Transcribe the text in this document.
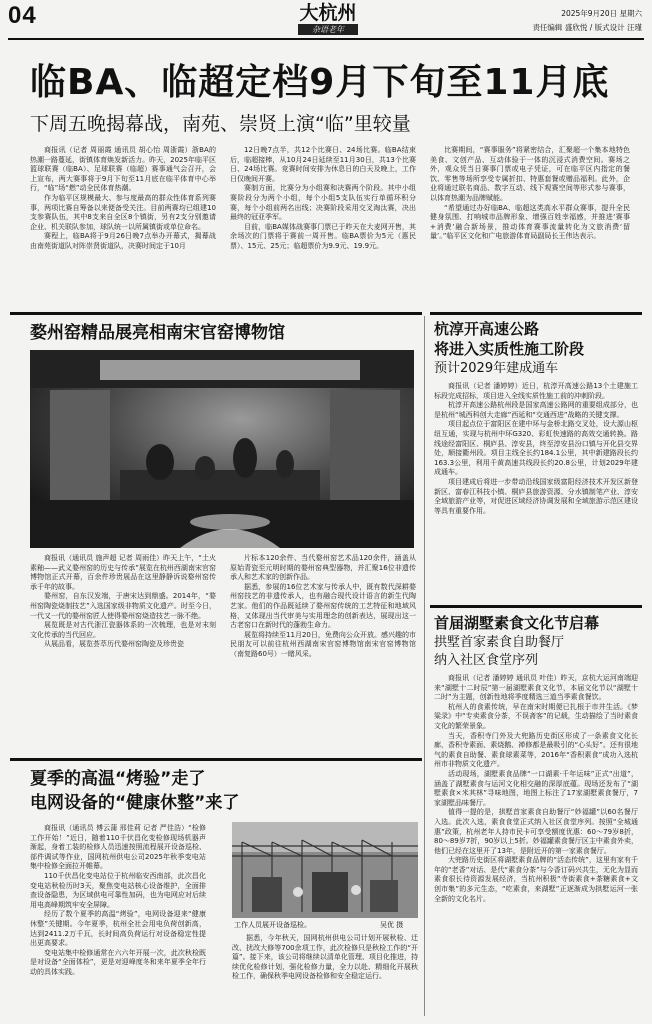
04	大杭州
杂语老年
2025年9月20日 星期六
责任编辑 盛欣悦 / 版式设计 汪瑾
临BA、临超定档9月下旬至11月底
下周五晚揭幕战，南苑、崇贤上演“临”里较量

商报讯（记者 周丽霞 通讯员 胡心怡 周浙霞）浙BA的热潮一路蔓延，街镇体育焕发新活力。昨天，2025年临平区篮球联赛（临BA）、足球联赛（临超）赛事通气会召开，会上宣布，两大赛事将于9月下旬至11月底在临平体育中心举行，“临”场“燃”动全民体育热潮。

作为临平区规模最大、参与度最高的群众性体育系列赛事，两项比赛自筹备以来便备受关注。目前两赛均已组建10支参赛队伍，其中8支来自全区8个镇街，另有2支分别邀请企业、机关联队参加，球队统一以所属镇街或单位命名。

赛程上，临BA将于9月26日晚7点举办开幕式，揭幕战由南苑街道队对阵崇贤街道队，决赛时间定于10月

12日晚7点半，共12个比赛日、24场比赛。临BA结束后，临超接棒，从10月24日延续至11月30日，共13个比赛日、24场比赛。竞赛时间安排为休息日的白天及晚上，工作日仅晚间开赛。

赛制方面，比赛分为小组赛和决赛两个阶段。其中小组赛阶段分为两个小组，每个小组5支队伍实行单循环积分赛，每个小组前两名出线；决赛阶段采用交叉淘汰赛，决出最终的冠亚季军。

目前，临BA媒体战赛事门票已于昨天在大麦网开售，其余场次的门票将于赛前一周开售。临BA票价为5元（惠民票）、15元、25元；临超票价为9.9元、19.9元。

比赛期间，“赛事服务”将紧密结合，汇聚超一个集本地特色美食、文创产品、互动体验于一体的沉浸式消费空间。赛场之外，观众凭当日赛事门票或电子凭证，可在临平区内指定的餐饮、零售等场所享受专属折扣、特惠套餐或赠品福利。此外，企业将通过联名商品、数字互动、线下观赛空间等形式参与赛事，以体育热潮为品牌赋能。

“希望通过办好临BA、临超这类高水平群众赛事，提升全民健身氛围、打响城市品牌形象、增强百姓幸福感，并推进‘赛事+消费’融合新场景，推动体育赛事流量转化为文旅消费‘留量’。”临平区文化和广电旅游体育局副局长王伟达表示。

婺州窑精品展亮相南宋官窑博物馆

商报讯（通讯员 施声超 记者 周雨佳）昨天上午，“土火素釉——武义婺州窑的历史与传承”展览在杭州西湖南宋官窑博物馆正式开幕，百余件珍贵展品在这里静静诉说婺州窑传承千年的故事。

婺州窑，自东汉发端，于唐宋达到鼎盛。2014年，“婺州窑陶瓷烧制技艺”入选国家级非物质文化遗产。时至今日，一代又一代的婺州窑匠人使得婺州窑烧造技艺一脉不绝。

展览既是对古代浙江瓷器体系的一次梳理，也是对末刻文化传承的当代回应。

从展品看，展览荟萃历代婺州窑陶瓷及珍贵瓷

片标本120余件、当代婺州窑艺术品120余件，涵盖从原始青瓷至元明时期的婺州窑典型器物，并汇聚16位非遗传承人和艺术家的创新作品。

据悉，参展的16位艺术家与传承人中，既有数代深耕婺州窑技艺的非遗传承人，也有融合现代设计语言的新生代陶艺家。他们的作品既延续了婺州窑传统的工艺特征和地域风格，又体现出当代审美与实用理念的创新表达，展现出这一古老窑口在新时代的蓬勃生命力。

展览将持续至11月20日，免费向公众开放。感兴趣的市民朋友可以前往杭州西湖南宋官窑博物馆南宋官窑博物馆（南复路60号）一睹风采。

夏季的高温“烤验”走了
电网设备的“健康休整”来了

商报讯（通讯员 傅云蒲 邢佳莉 记者 严佳浩）“检修工作开始！”近日，随着110千伏昌化变检修现场机器声渐起，身着工装的检修人员迅速按照流程展开设备巡检、部件调试等作业，国网杭州供电公司2025年秋季变电站集中检修全面拉开帷幕。

110千伏昌化变电站位于杭州临安西南部，此次昌化变电站秋检历时3天，聚焦变电站核心设备维护，全面排查设备隐患，为区域供电可靠性加码，也为电网应对后续用电高峰期筑牢安全屏障。

经历了数个夏季的高温“烤验”，电网设备迎来“健康休整”关键期。今年夏季，杭州全社会用电负荷创新高，达到2411.2万千瓦，长时间高负荷运行对设备稳定性提出更高要求。

变电站集中检修通常在六六年开展一次，此次秋检既是对设备“全面体检”，更是对迎峰度冬和来年夏季全年行动的具体实践。

工作人员展开设备巡检。	吴优 摄

据悉，今年秋天，国网杭州供电公司计划开展秋检、迁改、扰改大修等700余项工作，此次检修只是秋检工作的“开篇”。接下来，该公司将继续以清单化管理、项目化推进，持续优化检修计划，强化检修力量，全力以赴、精细化开展秋检工作，确保秋季电网设备检修和安全稳定运行。

杭淳开高速公路
将进入实质性施工阶段
预计2029年建成通车

商报讯（记者 潘婷婷）近日，杭淳开高速公路13个土建施工标段完成招标，项目进入全线实质性施工前的冲刺阶段。

杭淳开高速公路杭州段是国家高速公路网的重要组成部分，也是杭州“城西科创大走廊”西延和“交通西进”战略的关键支撑。

项目起点位于富阳区在建中环与金桥北路交叉处，设大源山枢纽互通，实现与杭州中环G320、彩虹快速路的高效交通转换。路线途经富阳区、桐庐县、淳安县，终至淳安县汾口镇与开化县交界处，顺接衢州段。项目主线全长约184.1公里，其中新建路段长约163.3公里，利用千黄高速共线段长约20.8公里，计划2029年建成通车。

项目建成后将进一步带动沿线国家级富阳经济技术开发区新登新区、富春江科技小镇、桐庐县旅游资源、分水镇制笔产业、淳安全域旅游产业等，对促进区域经济协调发展和全域旅游示范区建设等具有重要作用。

首届湖墅素食文化节启幕
拱墅首家素食自助餐厅
纳入社区食堂序列

商报讯（记者 潘婷婷 通讯员 叶佳）昨天，京杭大运河南端迎来“湖墅十二时辰”第一届湖墅素食文化节，本届文化节以“湖墅十二时”为主题，创新性地将季度精选三道当季素食餐饮。

杭州人的食素传统，早在南宋时期便已扎根于市井生活。《梦粱录》中“专卖素食分茶，不误斋客”的记载，生动描绘了当时素食文化的繁荣景象。

当天，香积寺门外及大兜路历史街区形成了一条素食文化长廊，香积寺素面、素烧鹅、禅修都是最吸引的“心头好”。还有很地气的素食自助餐、素食球素菜等，2016年“香积素食”成功入选杭州市非物质文化遗产。

活动现场，湖墅素食品牌“一口湖素·千年运味”正式“出道”，涵盖了湖墅素食与运河文化相交融的深厚底蕴。现场还发布了“湖墅素食×米其林”寻味地图，地图上标注了17家湖墅素食餐厅，7家湖墅品味餐厅。

值得一提的是，拱墅首家素食自助餐厅“妙福罐”以60名餐厅入选。此次入选，素食食堂正式纳入社区食堂序列。按照“全城通惠”政策，杭州老年人持市民卡可享受额度优惠：60～79岁8折，80～89岁7折，90岁以上5折。妙福罐素食餐厅区主中素食外卖，他们已经在这里开了13年，是附近开的第一家素食餐厅。

大兜路历史街区将湖墅素食品牌的“活态传统”，这里有家有千年的“老香”对话、是代“素食分茶”与今香订码兴共生，无化为显而素食很长待资源发展经济，当杭州积极“寺街素食+茶糖素食+文创市集”的多元生态，“吃素食，来湖墅”正逐渐成为拱墅运河一张全新的文化名片。
